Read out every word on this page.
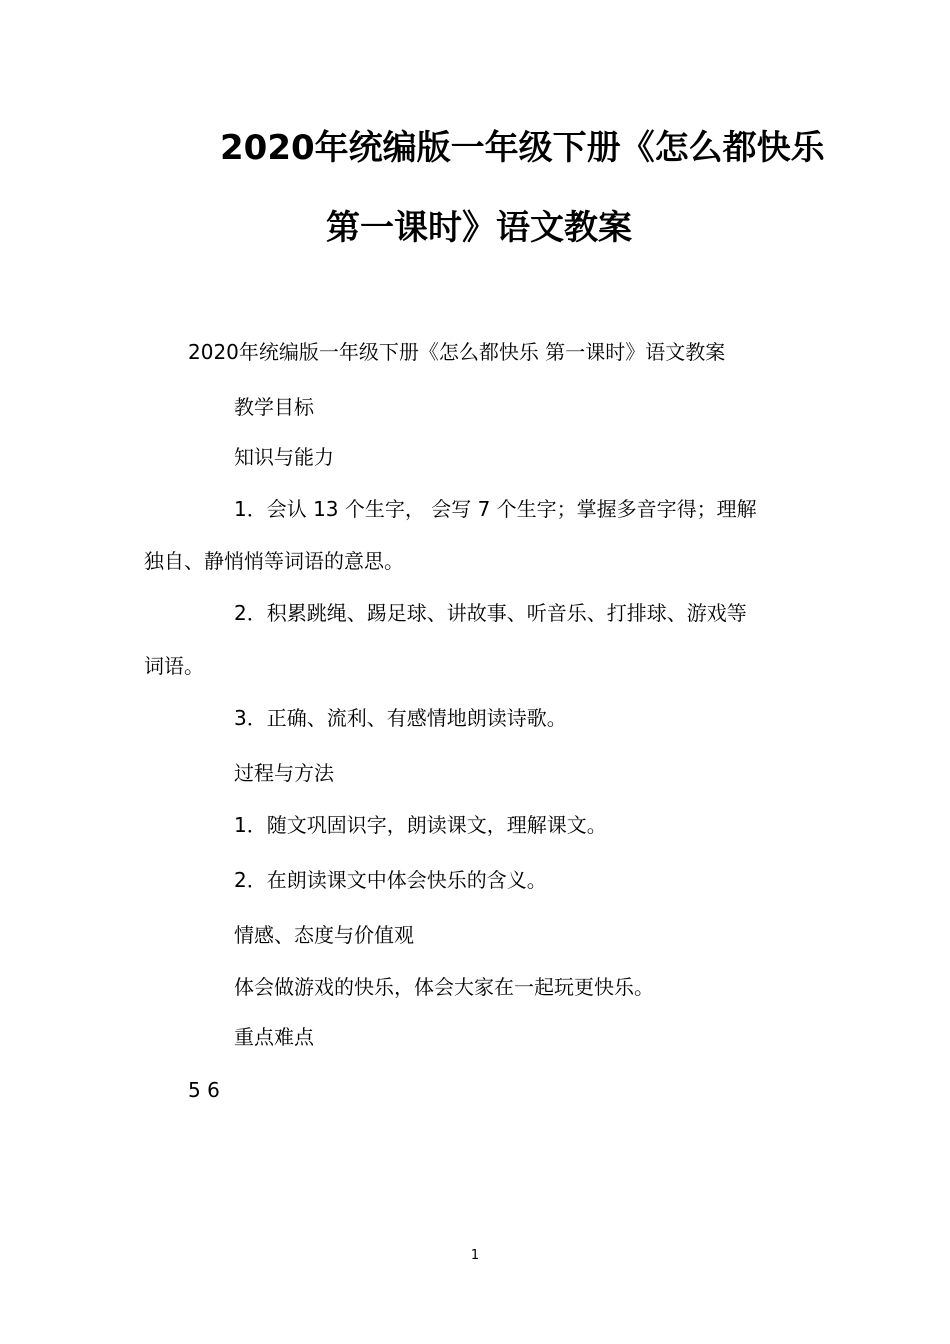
2020年统编版一年级下册《怎么都快乐
第一课时》语文教案

2020年统编版一年级下册《怎么都快乐 第一课时》语文教案

教学目标

知识与能力

1．会认 13 个生字， 会写 7 个生字；掌握多音字得；理解

独自、静悄悄等词语的意思。

2．积累跳绳、踢足球、讲故事、听音乐、打排球、游戏等

词语。

3．正确、流利、有感情地朗读诗歌。

过程与方法

1．随文巩固识字，朗读课文，理解课文。

2．在朗读课文中体会快乐的含义。

情感、态度与价值观

体会做游戏的快乐，体会大家在一起玩更快乐。

重点难点

5 6

1
